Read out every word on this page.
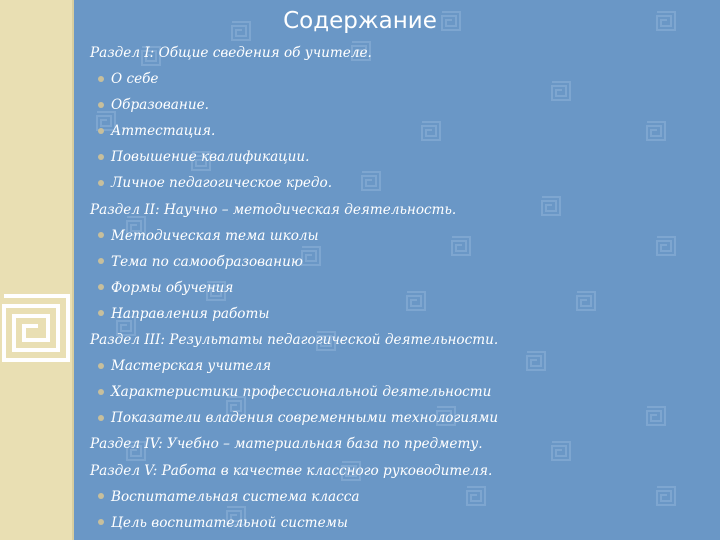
Содержание
Раздел I: Общие сведения об учителе.
О себе
Образование.
Аттестация.
Повышение квалификации.
Личное педагогическое кредо.
Раздел II: Научно – методическая деятельность.
Методическая тема школы
Тема по самообразованию
Формы обучения
Направления работы
Раздел III: Результаты педагогической деятельности.
Мастерская учителя
Характеристики профессиональной деятельности
Показатели владения современными технологиями
Раздел IV: Учебно – материальная база по предмету.
Раздел V: Работа в качестве классного руководителя.
Воспитательная система класса
Цель воспитательной системы
